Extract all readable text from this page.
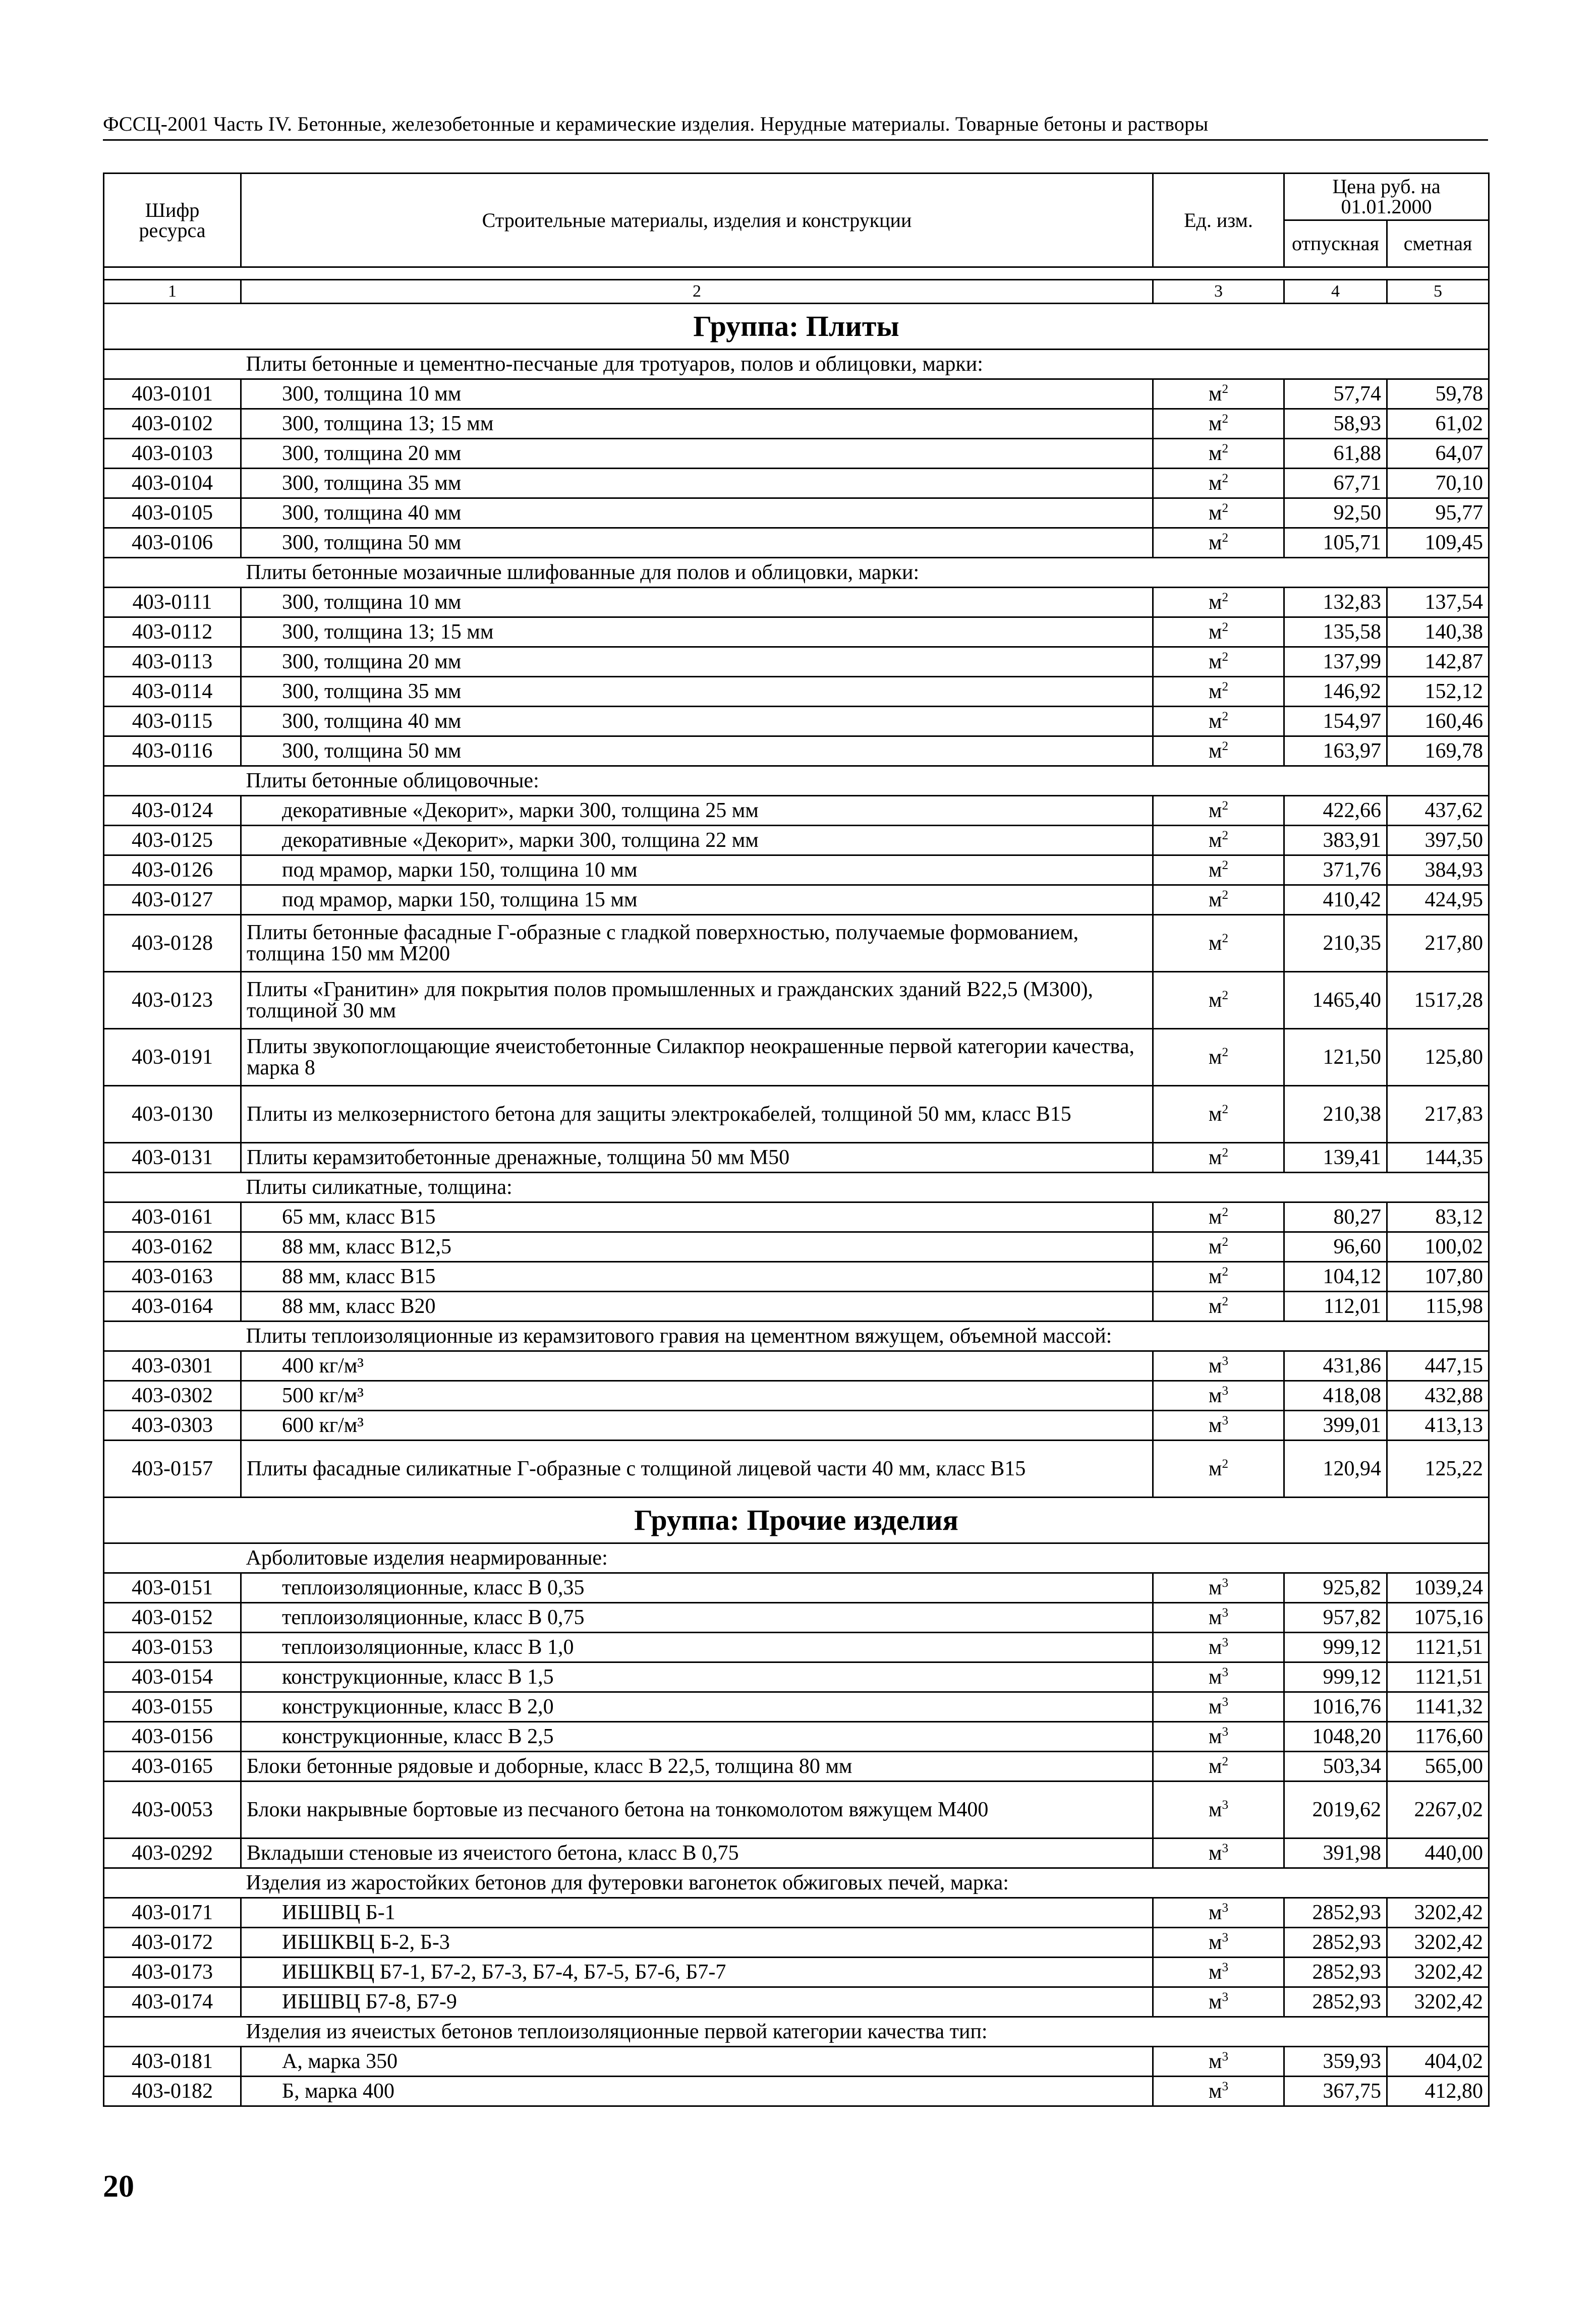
ФССЦ-2001 Часть IV. Бетонные, железобетонные и керамические изделия. Нерудные материалы. Товарные бетоны и растворы
Шифр ресурса	Строительные материалы, изделия и конструкции	Ед. изм.	Цена руб. на 01.01.2000	
			отпускная	сметная

1	2	3	4	5
Группа: Плиты				
	Плиты бетонные и цементно-песчаные для тротуаров, полов и облицовки, марки:			
403-0101	300, толщина 10 мм	$м^2$	57,74	59,78
403-0102	300, толщина 13; 15 мм	$м^2$	58,93	61,02
403-0103	300, толщина 20 мм	$м^2$	61,88	64,07
403-0104	300, толщина 35 мм	$м^2$	67,71	70,10
403-0105	300, толщина 40 мм	$м^2$	92,50	95,77
403-0106	300, толщина 50 мм	$м^2$	105,71	109,45
	Плиты бетонные мозаичные шлифованные для полов и облицовки, марки:			
403-0111	300, толщина 10 мм	$м^2$	132,83	137,54
403-0112	300, толщина 13; 15 мм	$м^2$	135,58	140,38
403-0113	300, толщина 20 мм	$м^2$	137,99	142,87
403-0114	300, толщина 35 мм	$м^2$	146,92	152,12
403-0115	300, толщина 40 мм	$м^2$	154,97	160,46
403-0116	300, толщина 50 мм	$м^2$	163,97	169,78
	Плиты бетонные облицовочные:			
403-0124	декоративные «Декорит», марки 300, толщина 25 мм	$м^2$	422,66	437,62
403-0125	декоративные «Декорит», марки 300, толщина 22 мм	$м^2$	383,91	397,50
403-0126	под мрамор, марки 150, толщина 10 мм	$м^2$	371,76	384,93
403-0127	под мрамор, марки 150, толщина 15 мм	$м^2$	410,42	424,95
403-0128	Плиты бетонные фасадные Г-образные с гладкой поверхностью, получаемые формованием, толщина 150 мм М200	$м^2$	210,35	217,80
403-0123	Плиты «Гранитин» для покрытия полов промышленных и гражданских зданий В22,5 (М300), толщиной 30 мм	$м^2$	1465,40	1517,28
403-0191	Плиты звукопоглощающие ячеистобетонные Силакпор неокрашенные первой категории качества, марка 8	$м^2$	121,50	125,80
403-0130	Плиты из мелкозернистого бетона для защиты электрокабелей, толщиной 50 мм, класс В15	$м^2$	210,38	217,83
403-0131	Плиты керамзитобетонные дренажные, толщина 50 мм М50	$м^2$	139,41	144,35
	Плиты силикатные, толщина:			
403-0161	65 мм, класс В15	$м^2$	80,27	83,12
403-0162	88 мм, класс В12,5	$м^2$	96,60	100,02
403-0163	88 мм, класс В15	$м^2$	104,12	107,80
403-0164	88 мм, класс В20	$м^2$	112,01	115,98
	Плиты теплоизоляционные из керамзитового гравия на цементном вяжущем, объемной массой:			
403-0301	400 кг/м³	$м^3$	431,86	447,15
403-0302	500 кг/м³	$м^3$	418,08	432,88
403-0303	600 кг/м³	$м^3$	399,01	413,13
403-0157	Плиты фасадные силикатные Г-образные с толщиной лицевой части 40 мм, класс В15	$м^2$	120,94	125,22
Группа: Прочие изделия				
	Арболитовые изделия неармированные:			
403-0151	теплоизоляционные, класс В 0,35	$м^3$	925,82	1039,24
403-0152	теплоизоляционные, класс В 0,75	$м^3$	957,82	1075,16
403-0153	теплоизоляционные, класс В 1,0	$м^3$	999,12	1121,51
403-0154	конструкционные, класс В 1,5	$м^3$	999,12	1121,51
403-0155	конструкционные, класс В 2,0	$м^3$	1016,76	1141,32
403-0156	конструкционные, класс В 2,5	$м^3$	1048,20	1176,60
403-0165	Блоки бетонные рядовые и доборные, класс В 22,5, толщина 80 мм	$м^2$	503,34	565,00
403-0053	Блоки накрывные бортовые из песчаного бетона на тонкомолотом вяжущем М400	$м^3$	2019,62	2267,02
403-0292	Вкладыши стеновые из ячеистого бетона, класс В 0,75	$м^3$	391,98	440,00
	Изделия из жаростойких бетонов для футеровки вагонеток обжиговых печей, марка:			
403-0171	ИБШВЦ Б-1	$м^3$	2852,93	3202,42
403-0172	ИБШКВЦ Б-2, Б-3	$м^3$	2852,93	3202,42
403-0173	ИБШКВЦ Б7-1, Б7-2, Б7-3, Б7-4, Б7-5, Б7-6, Б7-7	$м^3$	2852,93	3202,42
403-0174	ИБШВЦ Б7-8, Б7-9	$м^3$	2852,93	3202,42
	Изделия из ячеистых бетонов теплоизоляционные первой категории качества тип:			
403-0181	А, марка 350	$м^3$	359,93	404,02
403-0182	Б, марка 400	$м^3$	367,75	412,80
20
